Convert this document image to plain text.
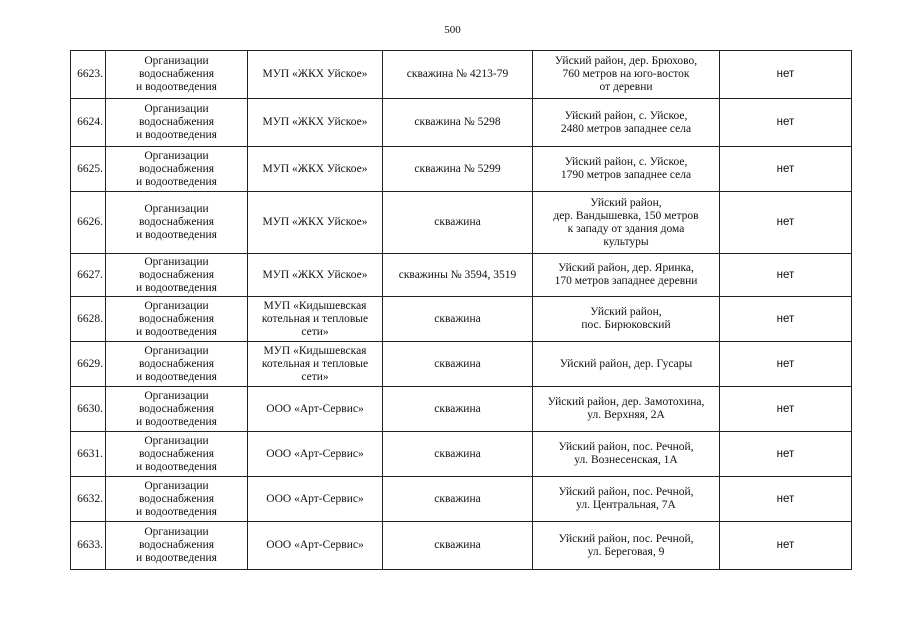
500
6623.	Организации
водоснабжения
и водоотведения	МУП «ЖКХ Уйское»	скважина № 4213-79	Уйский район, дер. Брюхово,
760 метров на юго-восток
от деревни	нет
6624.	Организации
водоснабжения
и водоотведения	МУП «ЖКХ Уйское»	скважина № 5298	Уйский район, с. Уйское,
2480 метров западнее села	нет
6625.	Организации
водоснабжения
и водоотведения	МУП «ЖКХ Уйское»	скважина № 5299	Уйский район, с. Уйское,
1790 метров западнее села	нет
6626.	Организации
водоснабжения
и водоотведения	МУП «ЖКХ Уйское»	скважина	Уйский район,
дер. Вандышевка, 150 метров
к западу от здания дома
культуры	нет
6627.	Организации
водоснабжения
и водоотведения	МУП «ЖКХ Уйское»	скважины № 3594, 3519	Уйский район, дер. Яринка,
170 метров западнее деревни	нет
6628.	Организации
водоснабжения
и водоотведения	МУП «Кидышевская
котельная и тепловые
сети»	скважина	Уйский район,
пос. Бирюковский	нет
6629.	Организации
водоснабжения
и водоотведения	МУП «Кидышевская
котельная и тепловые
сети»	скважина	Уйский район, дер. Гусары	нет
6630.	Организации
водоснабжения
и водоотведения	ООО «Арт-Сервис»	скважина	Уйский район, дер. Замотохина,
ул. Верхняя, 2А	нет
6631.	Организации
водоснабжения
и водоотведения	ООО «Арт-Сервис»	скважина	Уйский район, пос. Речной,
ул. Вознесенская, 1А	нет
6632.	Организации
водоснабжения
и водоотведения	ООО «Арт-Сервис»	скважина	Уйский район, пос. Речной,
ул. Центральная, 7А	нет
6633.	Организации
водоснабжения
и водоотведения	ООО «Арт-Сервис»	скважина	Уйский район, пос. Речной,
ул. Береговая, 9	нет
